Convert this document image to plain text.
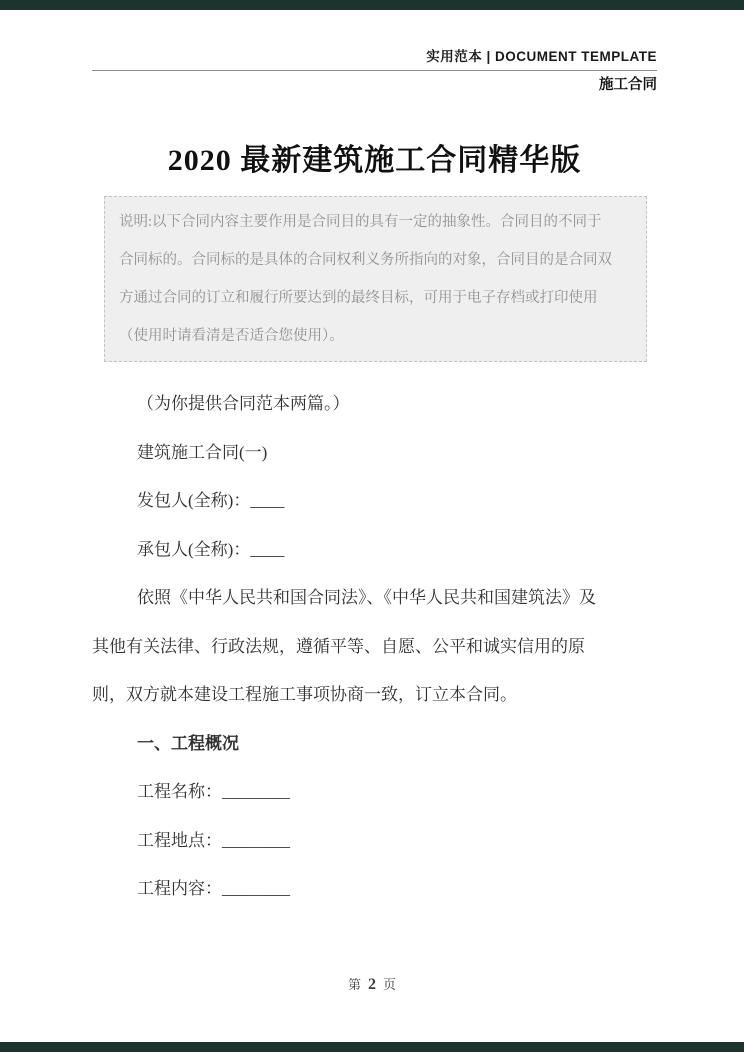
实用范本 | DOCUMENT TEMPLATE
施工合同
2020 最新建筑施工合同精华版
说明:以下合同内容主要作用是合同目的具有一定的抽象性。合同目的不同于
合同标的。合同标的是具体的合同权利义务所指向的对象，合同目的是合同双
方通过合同的订立和履行所要达到的最终目标，可用于电子存档或打印使用
（使用时请看清是否适合您使用）。
（为你提供合同范本两篇。）
建筑施工合同(一)
发包人(全称)：____
承包人(全称)：____
依照《中华人民共和国合同法》、《中华人民共和国建筑法》及
其他有关法律、行政法规，遵循平等、自愿、公平和诚实信用的原
则，双方就本建设工程施工事项协商一致，订立本合同。
一、工程概况
工程名称：________
工程地点：________
工程内容：________
第 2 页
